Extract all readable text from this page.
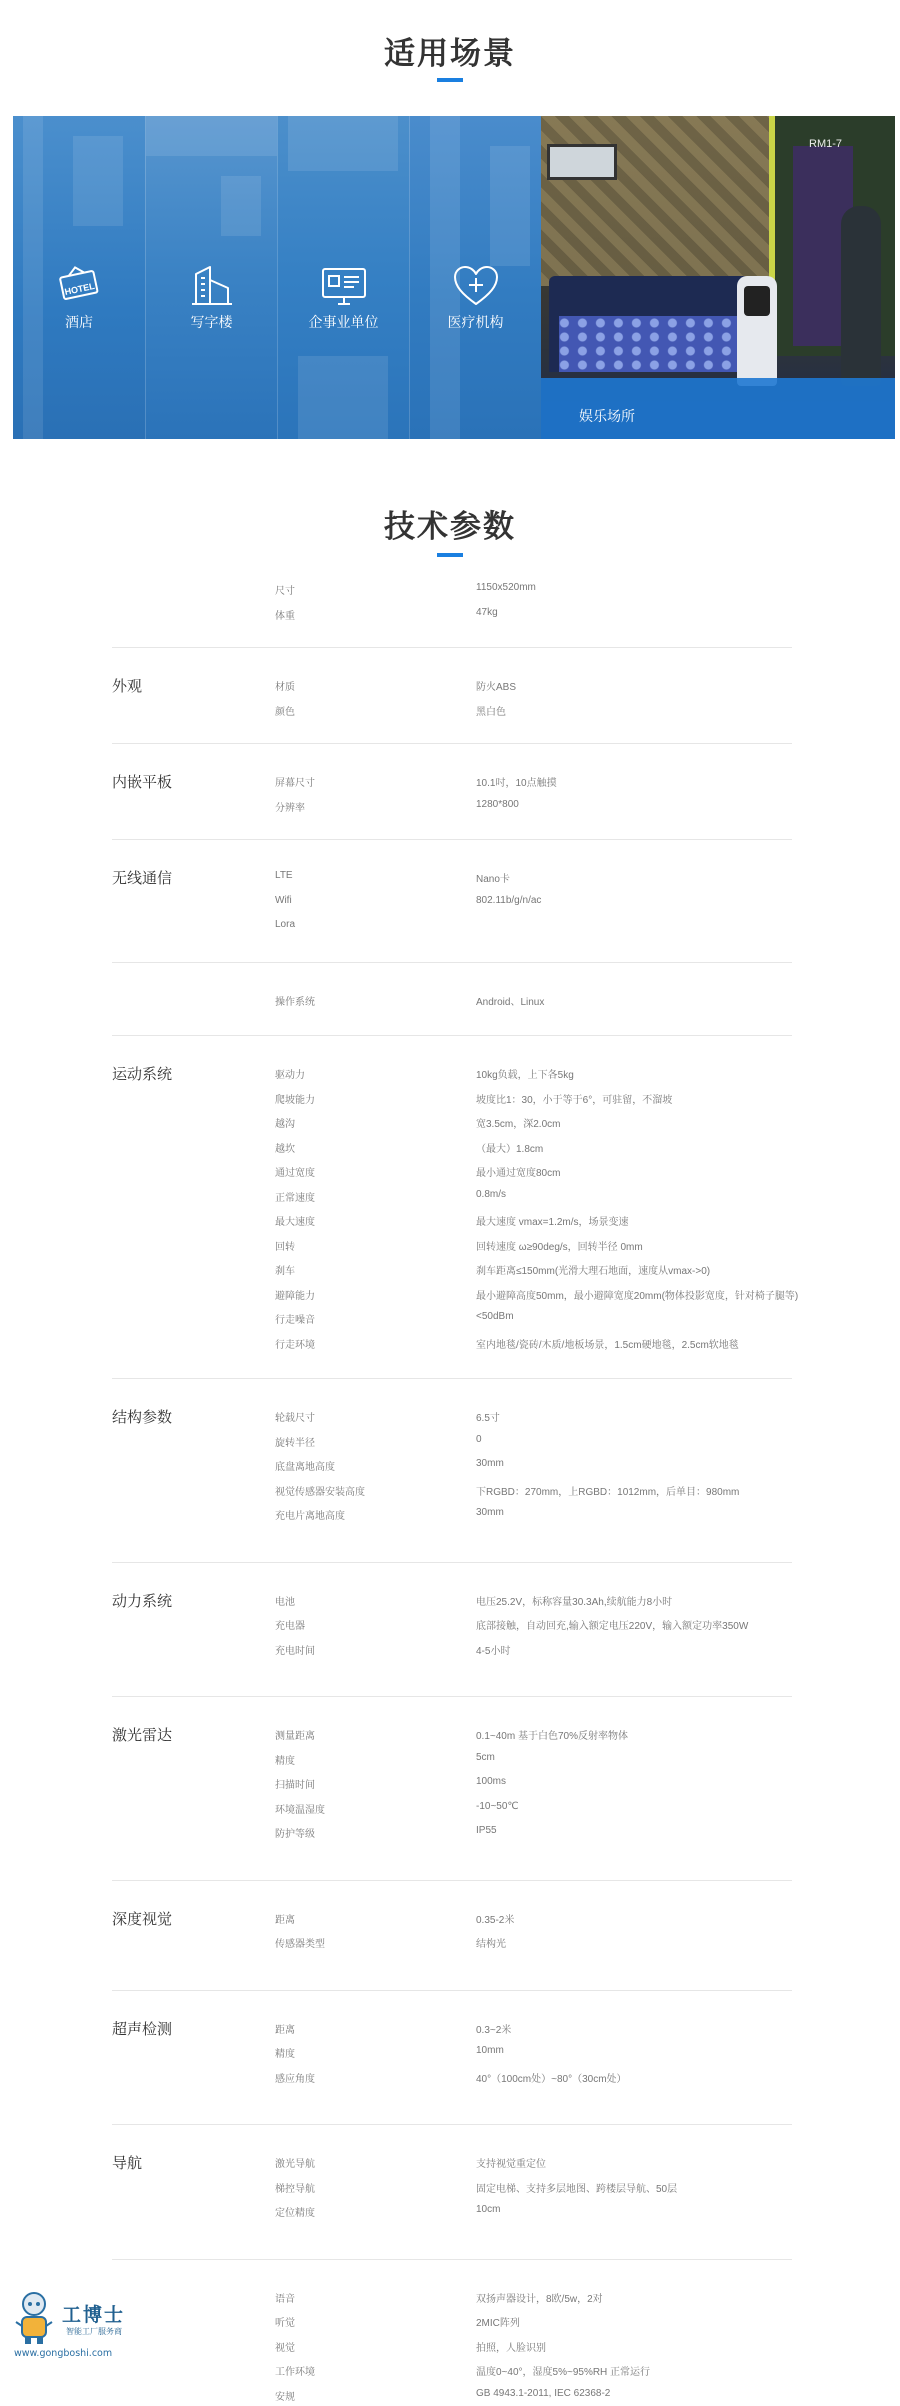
适用场景
HOTEL
酒店	写字楼	企事业单位	医疗机构
RM1-7
娱乐场所
技术参数
尺寸	1150x520mm
体重	47kg
外观	材质	防火ABS
颜色	黑白色
内嵌平板	屏幕尺寸	10.1吋，10点触摸
分辨率	1280*800
无线通信	LTE	Nano卡
Wifi	802.11b/g/n/ac
Lora
操作系统	Android、Linux
运动系统	驱动力	10kg负载，上下各5kg
爬坡能力	坡度比1：30，小于等于6°，可驻留，不溜坡
越沟	宽3.5cm，深2.0cm
越坎	（最大）1.8cm
通过宽度	最小通过宽度80cm
正常速度	0.8m/s
最大速度	最大速度 vmax=1.2m/s，场景变速
回转	回转速度 ω≥90deg/s，回转半径 0mm
刹车	刹车距离≤150mm(光滑大理石地面，速度从vmax->0)
避障能力	最小避障高度50mm，最小避障宽度20mm(物体投影宽度，针对椅子腿等)
行走噪音	<50dBm
行走环境	室内地毯/瓷砖/木质/地板场景，1.5cm硬地毯，2.5cm软地毯
结构参数	轮载尺寸	6.5寸
旋转半径	0
底盘离地高度	30mm
视觉传感器安装高度	下RGBD：270mm，上RGBD：1012mm，后单目：980mm
充电片离地高度	30mm
动力系统	电池	电压25.2V，标称容量30.3Ah,续航能力8小时
充电器	底部接触，自动回充,输入额定电压220V，输入额定功率350W
充电时间	4-5小时
激光雷达	测量距离	0.1~40m 基于白色70%反射率物体
精度	5cm
扫描时间	100ms
环境温湿度	-10~50℃
防护等级	IP55
深度视觉	距离	0.35-2米
传感器类型	结构光
超声检测	距离	0.3~2米
精度	10mm
感应角度	40°（100cm处）~80°（30cm处）
导航	激光导航	支持视觉重定位
梯控导航	固定电梯、支持多层地图、跨楼层导航、50层
定位精度	10cm
语音	双扬声器设计，8欧/5w，2对
听觉	2MIC阵列
视觉	拍照，人脸识别
工作环境	温度0~40°，湿度5%~95%RH 正常运行
安规	GB 4943.1-2011, IEC 62368-2
工博士
智能工厂服务商
www.gongboshi.com
